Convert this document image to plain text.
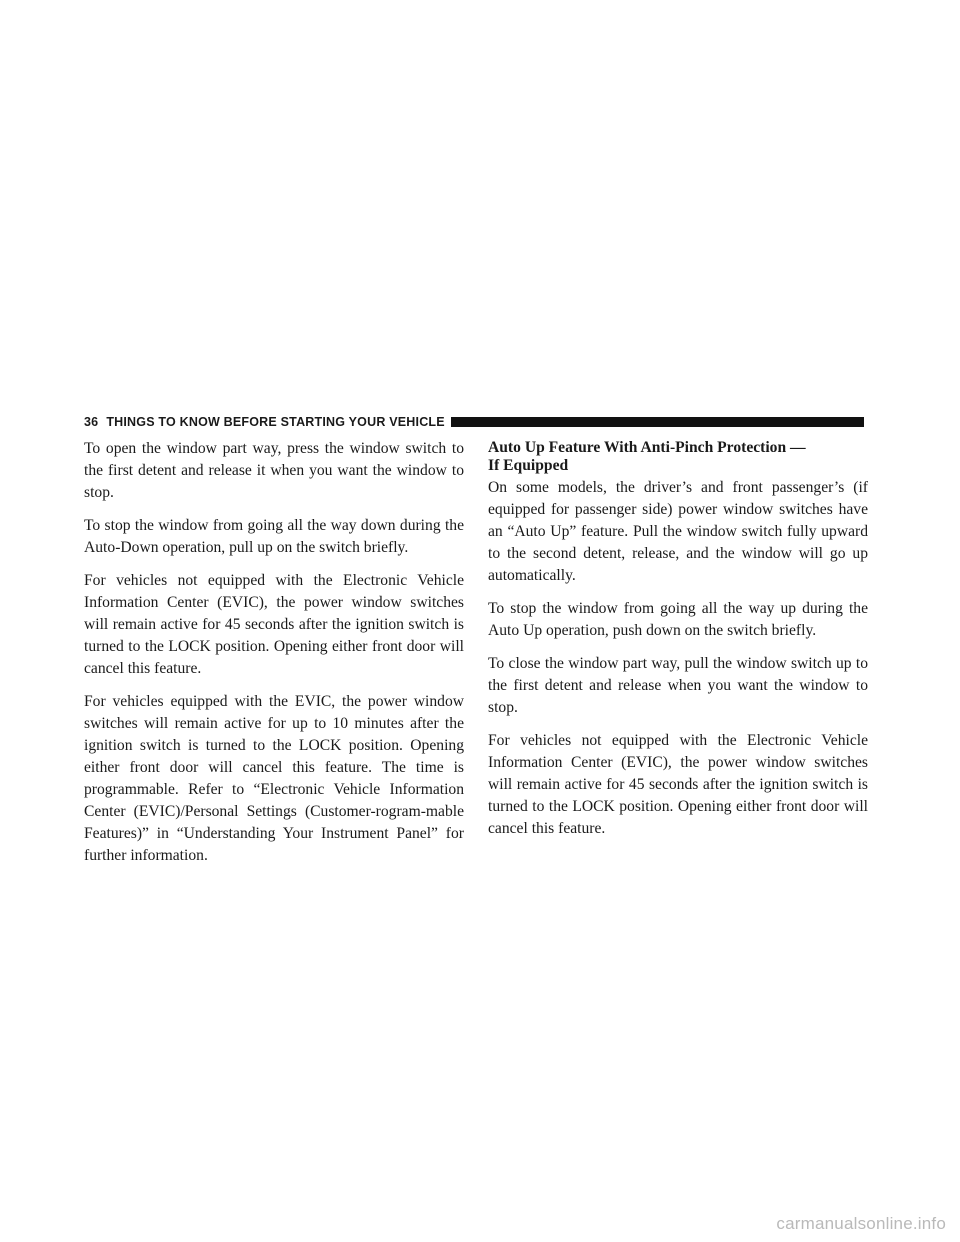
36 THINGS TO KNOW BEFORE STARTING YOUR VEHICLE

To open the window part way, press the window switch to the first detent and release it when you want the window to stop.

To stop the window from going all the way down during the Auto-Down operation, pull up on the switch briefly.

For vehicles not equipped with the Electronic Vehicle Information Center (EVIC), the power window switches will remain active for 45 seconds after the ignition switch is turned to the LOCK position. Opening either front door will cancel this feature.

For vehicles equipped with the EVIC, the power window switches will remain active for up to 10 minutes after the ignition switch is turned to the LOCK position. Opening either front door will cancel this feature. The time is programmable. Refer to “Electronic Vehicle Information Center (EVIC)/Personal Settings (Customer-rogram-mable Features)” in “Understanding Your Instrument Panel” for further information.

Auto Up Feature With Anti-Pinch Protection —
If Equipped

On some models, the driver’s and front passenger’s (if equipped for passenger side) power window switches have an “Auto Up” feature. Pull the window switch fully upward to the second detent, release, and the window will go up automatically.

To stop the window from going all the way up during the Auto Up operation, push down on the switch briefly.

To close the window part way, pull the window switch up to the first detent and release when you want the window to stop.

For vehicles not equipped with the Electronic Vehicle Information Center (EVIC), the power window switches will remain active for 45 seconds after the ignition switch is turned to the LOCK position. Opening either front door will cancel this feature.

carmanualsonline.info
